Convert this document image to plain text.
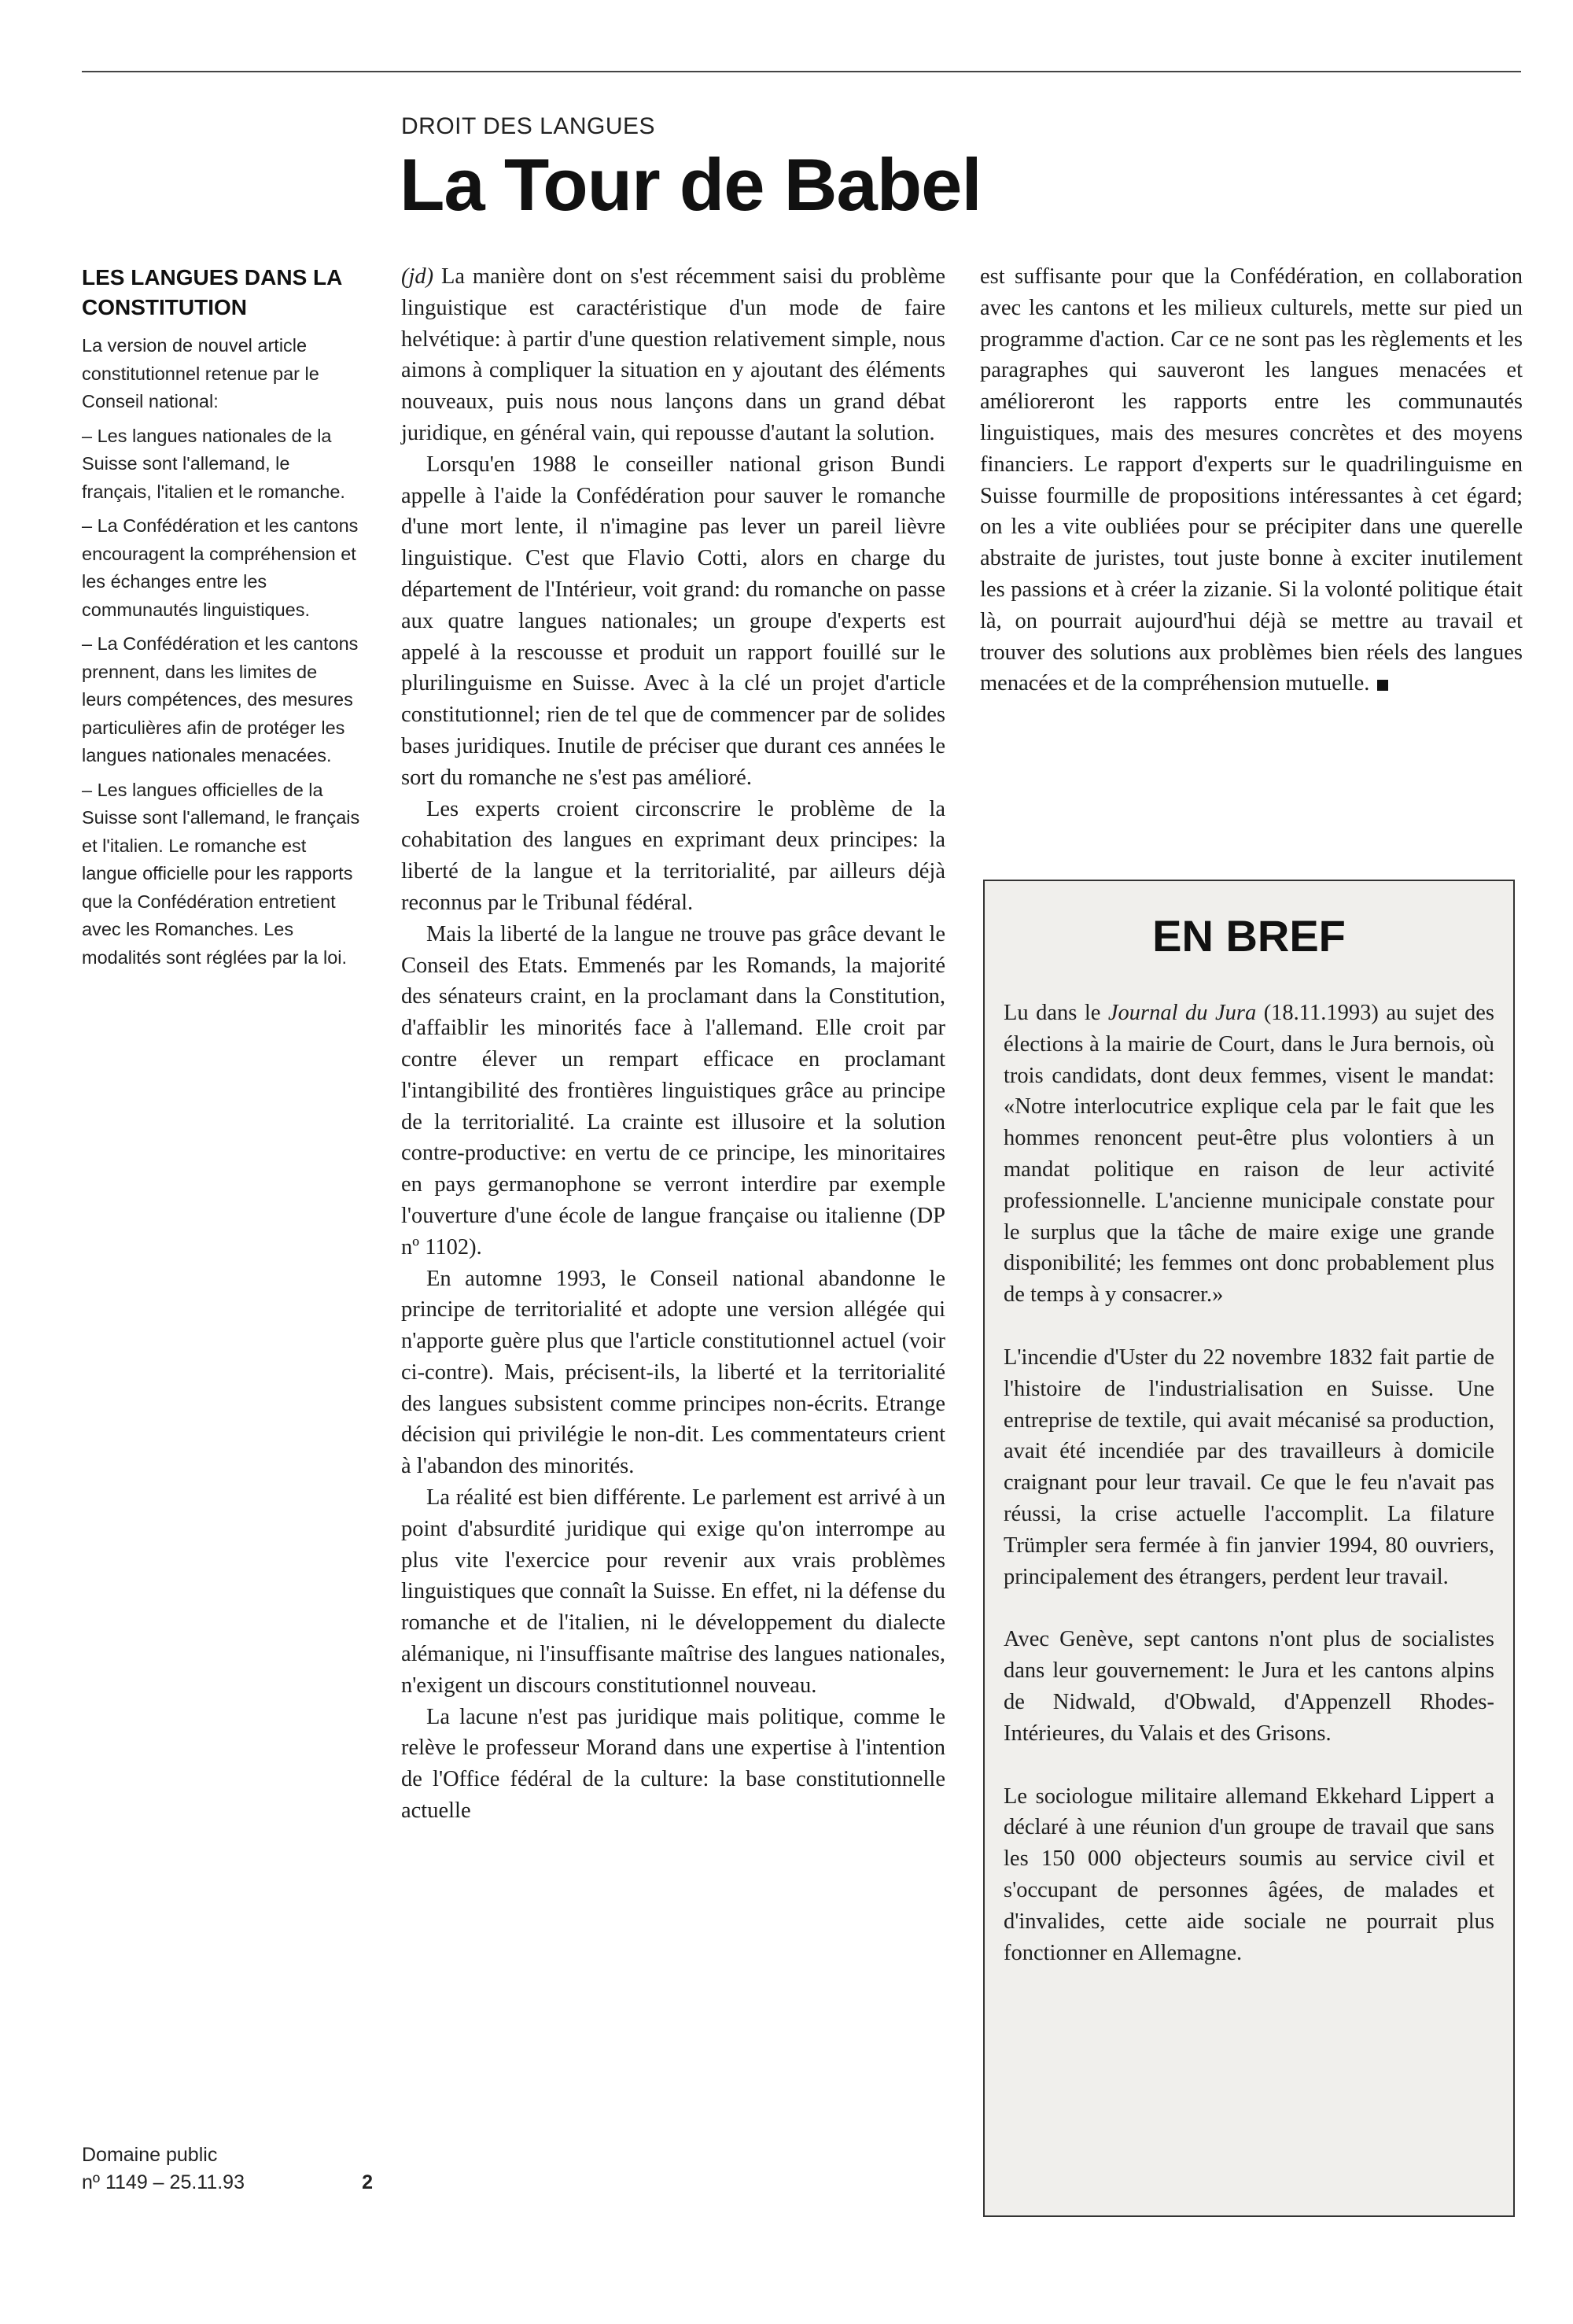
DROIT DES LANGUES
La Tour de Babel
LES LANGUES DANS LA CONSTITUTION

La version de nouvel article constitutionnel retenue par le Conseil national:

– Les langues nationales de la Suisse sont l'allemand, le français, l'italien et le romanche.

– La Confédération et les cantons encouragent la compréhension et les échanges entre les communautés linguistiques.

– La Confédération et les cantons prennent, dans les limites de leurs compétences, des mesures particulières afin de protéger les langues nationales menacées.

– Les langues officielles de la Suisse sont l'allemand, le français et l'italien. Le romanche est langue officielle pour les rapports que la Confédération entretient avec les Romanches. Les modalités sont réglées par la loi.

Domaine public
nº 1149 – 25.11.93	2

(jd) La manière dont on s'est récemment saisi du problème linguistique est caractéristique d'un mode de faire helvétique: à partir d'une question relativement simple, nous aimons à compliquer la situation en y ajoutant des éléments nouveaux, puis nous nous lançons dans un grand débat juridique, en général vain, qui repousse d'autant la solution.

Lorsqu'en 1988 le conseiller national grison Bundi appelle à l'aide la Confédération pour sauver le romanche d'une mort lente, il n'imagine pas lever un pareil lièvre linguistique. C'est que Flavio Cotti, alors en charge du département de l'Intérieur, voit grand: du romanche on passe aux quatre langues nationales; un groupe d'experts est appelé à la rescousse et produit un rapport fouillé sur le plurilinguisme en Suisse. Avec à la clé un projet d'article constitutionnel; rien de tel que de commencer par de solides bases juridiques. Inutile de préciser que durant ces années le sort du romanche ne s'est pas amélioré.

Les experts croient circonscrire le problème de la cohabitation des langues en exprimant deux principes: la liberté de la langue et la territorialité, par ailleurs déjà reconnus par le Tribunal fédéral.

Mais la liberté de la langue ne trouve pas grâce devant le Conseil des Etats. Emmenés par les Romands, la majorité des sénateurs craint, en la proclamant dans la Constitution, d'affaiblir les minorités face à l'allemand. Elle croit par contre élever un rempart efficace en proclamant l'intangibilité des frontières linguistiques grâce au principe de la territorialité. La crainte est illusoire et la solution contre-productive: en vertu de ce principe, les minoritaires en pays germanophone se verront interdire par exemple l'ouverture d'une école de langue française ou italienne (DP nº 1102).

En automne 1993, le Conseil national abandonne le principe de territorialité et adopte une version allégée qui n'apporte guère plus que l'article constitutionnel actuel (voir ci-contre). Mais, précisent-ils, la liberté et la territorialité des langues subsistent comme principes non-écrits. Etrange décision qui privilégie le non-dit. Les commentateurs crient à l'abandon des minorités.

La réalité est bien différente. Le parlement est arrivé à un point d'absurdité juridique qui exige qu'on interrompe au plus vite l'exercice pour revenir aux vrais problèmes linguistiques que connaît la Suisse. En effet, ni la défense du romanche et de l'italien, ni le développement du dialecte alémanique, ni l'insuffisante maîtrise des langues nationales, n'exigent un discours constitutionnel nouveau.

La lacune n'est pas juridique mais politique, comme le relève le professeur Morand dans une expertise à l'intention de l'Office fédéral de la culture: la base constitutionnelle actuelle

est suffisante pour que la Confédération, en collaboration avec les cantons et les milieux culturels, mette sur pied un programme d'action. Car ce ne sont pas les règlements et les paragraphes qui sauveront les langues menacées et amélioreront les rapports entre les communautés linguistiques, mais des mesures concrètes et des moyens financiers. Le rapport d'experts sur le quadrilinguisme en Suisse fourmille de propositions intéressantes à cet égard; on les a vite oubliées pour se précipiter dans une querelle abstraite de juristes, tout juste bonne à exciter inutilement les passions et à créer la zizanie. Si la volonté politique était là, on pourrait aujourd'hui déjà se mettre au travail et trouver des solutions aux problèmes bien réels des langues menacées et de la compréhension mutuelle.

EN BREF

Lu dans le Journal du Jura (18.11.1993) au sujet des élections à la mairie de Court, dans le Jura bernois, où trois candidats, dont deux femmes, visent le mandat: «Notre interlocutrice explique cela par le fait que les hommes renoncent peut-être plus volontiers à un mandat politique en raison de leur activité professionnelle. L'ancienne municipale constate pour le surplus que la tâche de maire exige une grande disponibilité; les femmes ont donc probablement plus de temps à y consacrer.»

L'incendie d'Uster du 22 novembre 1832 fait partie de l'histoire de l'industrialisation en Suisse. Une entreprise de textile, qui avait mécanisé sa production, avait été incendiée par des travailleurs à domicile craignant pour leur travail. Ce que le feu n'avait pas réussi, la crise actuelle l'accomplit. La filature Trümpler sera fermée à fin janvier 1994, 80 ouvriers, principalement des étrangers, perdent leur travail.

Avec Genève, sept cantons n'ont plus de socialistes dans leur gouvernement: le Jura et les cantons alpins de Nidwald, d'Obwald, d'Appenzell Rhodes-Intérieures, du Valais et des Grisons.

Le sociologue militaire allemand Ekkehard Lippert a déclaré à une réunion d'un groupe de travail que sans les 150 000 objecteurs soumis au service civil et s'occupant de personnes âgées, de malades et d'invalides, cette aide sociale ne pourrait plus fonctionner en Allemagne.
